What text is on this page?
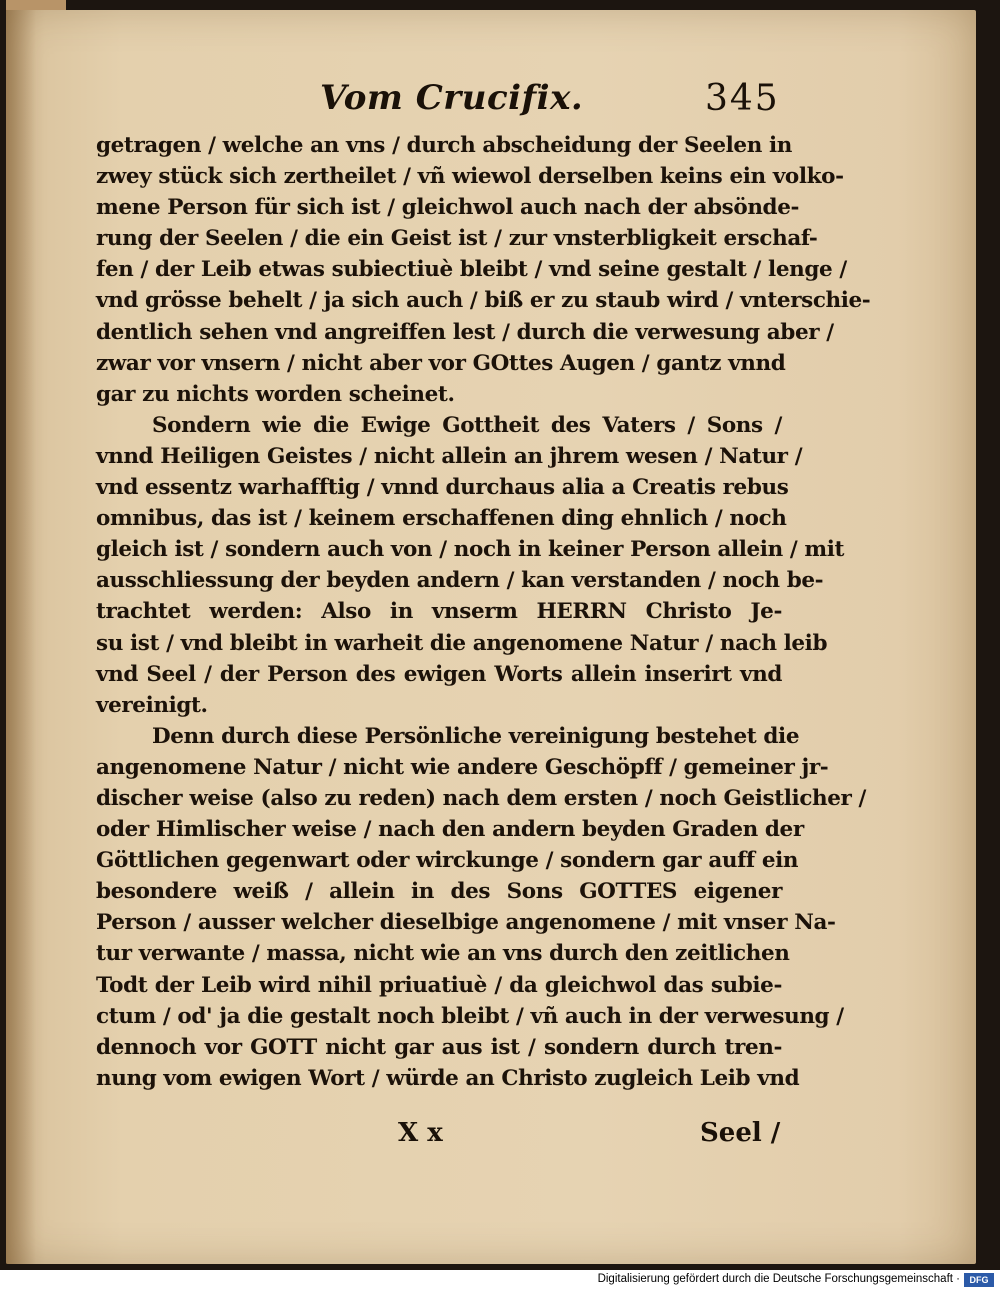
Vom Crucifix.	345
getragen / welche an vns / durch abscheidung der Seelen in
zwey stück sich zertheilet / vñ wiewol derselben keins ein volko-
mene Person für sich ist / gleichwol auch nach der absönde-
rung der Seelen / die ein Geist ist / zur vnsterbligkeit erschaf-
fen / der Leib etwas subiectiuè bleibt / vnd seine gestalt / lenge /
vnd grösse behelt / ja sich auch / biß er zu staub wird / vnterschie-
dentlich sehen vnd angreiffen lest / durch die verwesung aber /
zwar vor vnsern / nicht aber vor GOttes Augen / gantz vnnd
gar zu nichts worden scheinet.
Sondern wie die Ewige Gottheit des Vaters / Sons /
vnnd Heiligen Geistes / nicht allein an jhrem wesen / Natur /
vnd essentz warhafftig / vnnd durchaus alia a Creatis rebus
omnibus, das ist / keinem erschaffenen ding ehnlich / noch
gleich ist / sondern auch von / noch in keiner Person allein / mit
ausschliessung der beyden andern / kan verstanden / noch be-
trachtet werden: Also in vnserm HERRN Christo Je-
su ist / vnd bleibt in warheit die angenomene Natur / nach leib
vnd Seel / der Person des ewigen Worts allein inserirt vnd
vereinigt.
Denn durch diese Persönliche vereinigung bestehet die
angenomene Natur / nicht wie andere Geschöpff / gemeiner jr-
discher weise (also zu reden) nach dem ersten / noch Geistlicher /
oder Himlischer weise / nach den andern beyden Graden der
Göttlichen gegenwart oder wirckunge / sondern gar auff ein
besondere weiß / allein in des Sons GOTTES eigener
Person / ausser welcher dieselbige angenomene / mit vnser Na-
tur verwante / massa, nicht wie an vns durch den zeitlichen
Todt der Leib wird nihil priuatiuè / da gleichwol das subie-
ctum / od' ja die gestalt noch bleibt / vñ auch in der verwesung /
dennoch vor GOTT nicht gar aus ist / sondern durch tren-
nung vom ewigen Wort / würde an Christo zugleich Leib vnd
X x	Seel /
Digitalisierung gefördert durch die Deutsche Forschungsgemeinschaft ·	DFG
